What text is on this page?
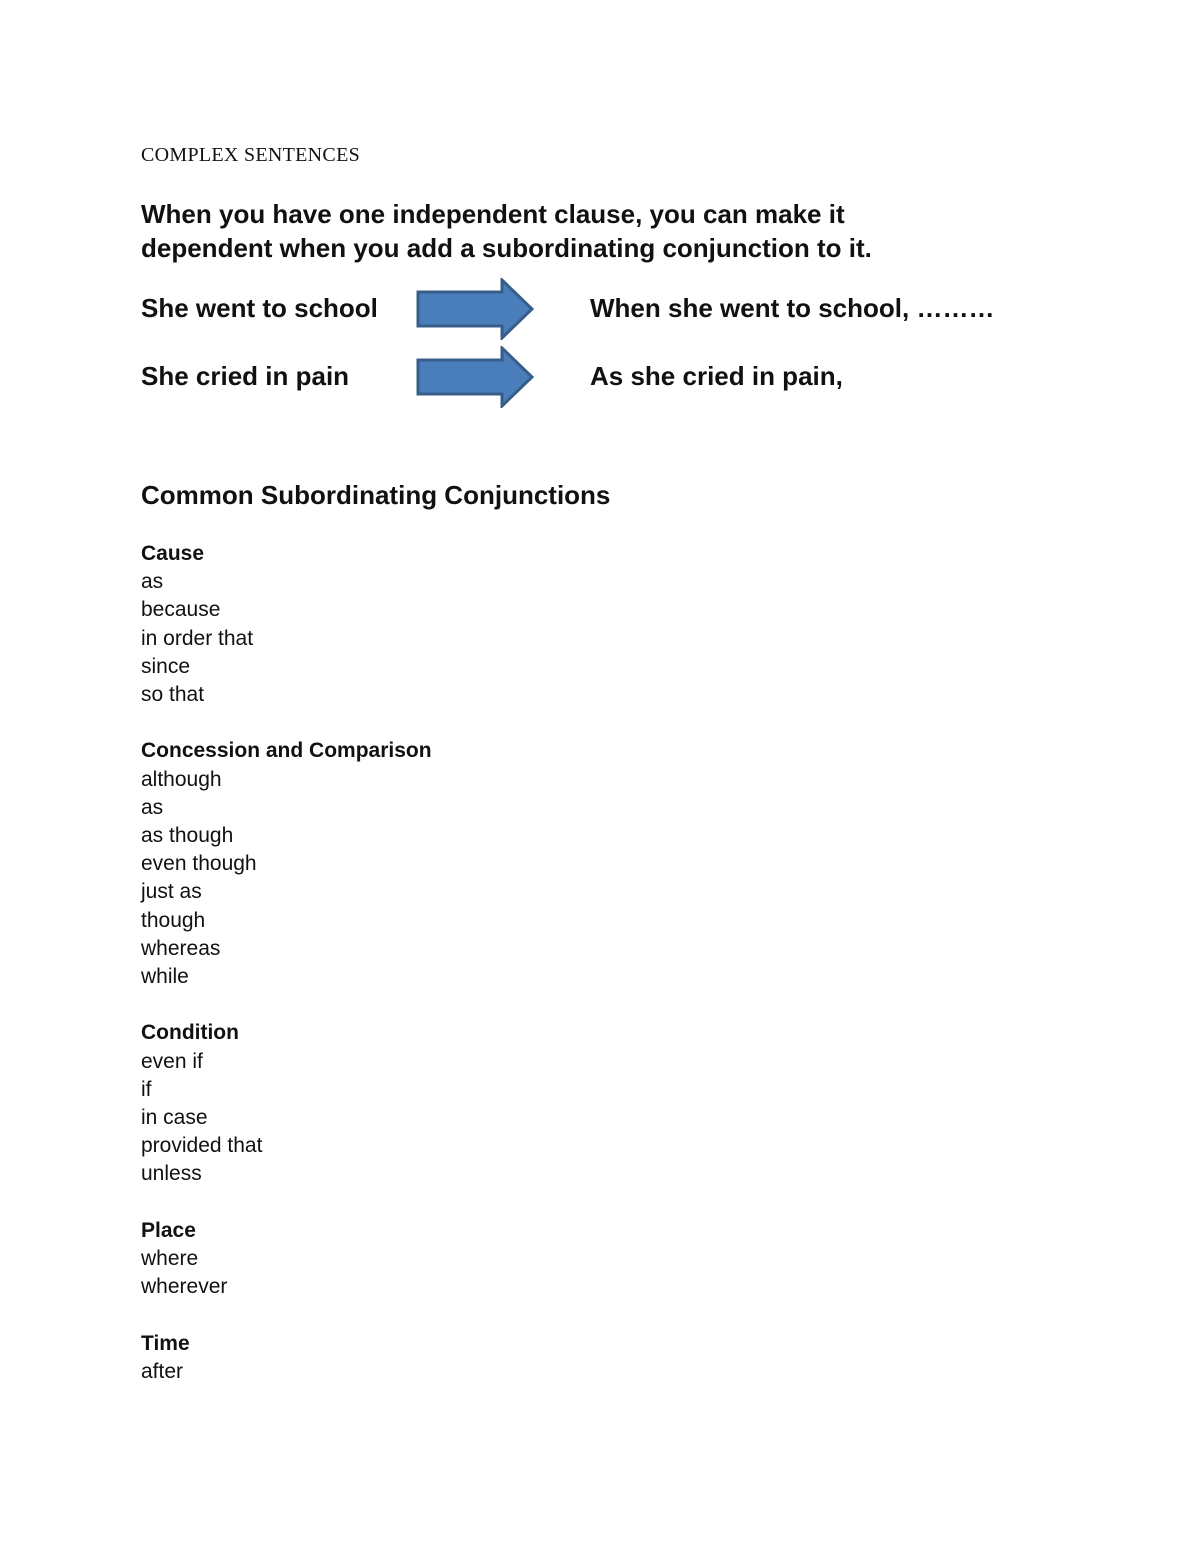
COMPLEX SENTENCES
When you have one independent clause, you can make it
dependent when you add a subordinating conjunction to it.
She went to school	When she went to school, ………
She cried in pain	As she cried in pain,
Common Subordinating Conjunctions
Cause
as
because
in order that
since
so that
Concession and Comparison
although
as
as though
even though
just as
though
whereas
while
Condition
even if
if
in case
provided that
unless
Place
where
wherever
Time
after
